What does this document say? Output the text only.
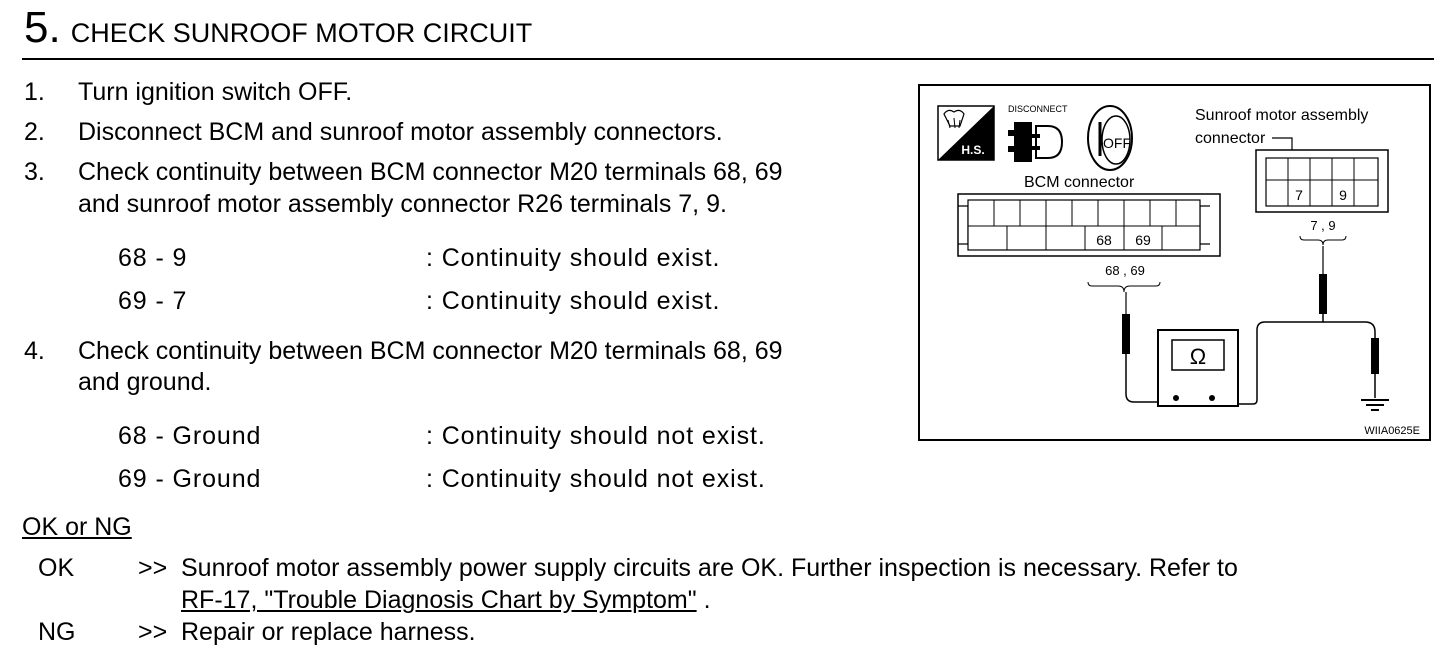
5. CHECK SUNROOF MOTOR CIRCUIT
1. Turn ignition switch OFF.
2. Disconnect BCM and sunroof motor assembly connectors.
3. Check continuity between BCM connector M20 terminals 68, 69
and sunroof motor assembly connector R26 terminals 7, 9.
68 - 9	: Continuity should exist.
69 - 7	: Continuity should exist.
4. Check continuity between BCM connector M20 terminals 68, 69
and ground.
68 - Ground	: Continuity should not exist.
69 - Ground	: Continuity should not exist.
OK or NG
OK	>> Sunroof motor assembly power supply circuits are OK. Further inspection is necessary. Refer to
RF-17, "Trouble Diagnosis Chart by Symptom" .
NG	>> Repair or replace harness.
H.S.
DISCONNECT
OFF
Sunroof motor assembly
connector
BCM connector
68 69
68 , 69
7	9
7 , 9
Ω
WIIA0625E
